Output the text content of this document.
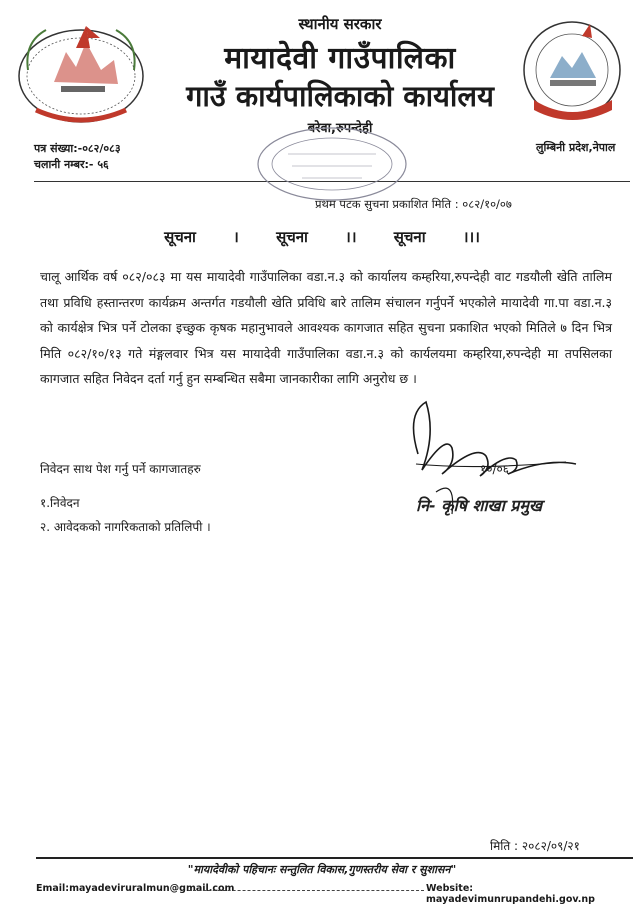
स्थानीय सरकार
मायादेवी गाउँपालिका
गाउँ कार्यपालिकाको कार्यालय
बरेवा,रुपन्देही
लुम्बिनी प्रदेश,नेपाल
पत्र संख्या:-०८२/०८३
चलानी नम्बर:- ५६
प्रथम पटक सुचना प्रकाशित मिति : ०८२/१०/०७
सूचना । सूचना ।। सूचना ।।।
चालू आर्थिक वर्ष ०८२/०८३ मा यस मायादेवी गाउँपालिका वडा.न.३ को कार्यालय कम्हरिया,रुपन्देही वाट गडयौली खेति तालिम तथा प्रविधि हस्तान्तरण कार्यक्रम अन्तर्गत गडयौली खेति प्रविधि बारे तालिम संचालन गर्नुपर्ने भएकोले मायादेवी गा.पा वडा.न.३ को कार्यक्षेत्र भित्र पर्ने टोलका इच्छुक कृषक महानुभावले आवश्यक कागजात सहित सुचना प्रकाशित भएको मितिले ७ दिन भित्र मिति ०८२/१०/१३ गते मंङ्गलवार भित्र यस मायादेवी गाउँपालिका वडा.न.३ को कार्यलयमा कम्हरिया,रुपन्देही मा तपसिलका कागजात सहित निवेदन दर्ता गर्नु हुन सम्बन्धित सबैमा जानकारीका लागि अनुरोध छ ।
निवेदन साथ पेश गर्नु पर्ने कागजातहरु
१.निवेदन
२. आवेदकको नागरिकताको प्रतिलिपी ।
१०/०६
नि- कृषि शाखा प्रमुख
मिति : २०८२/०९/२१
"मायादेवीको पहिचानः सन्तुलित विकास,गुणस्तरीय सेवा र सुशासन"
Email:mayadeviruralmun@gmail.com	Website: mayadevimunrupandehi.gov.np
